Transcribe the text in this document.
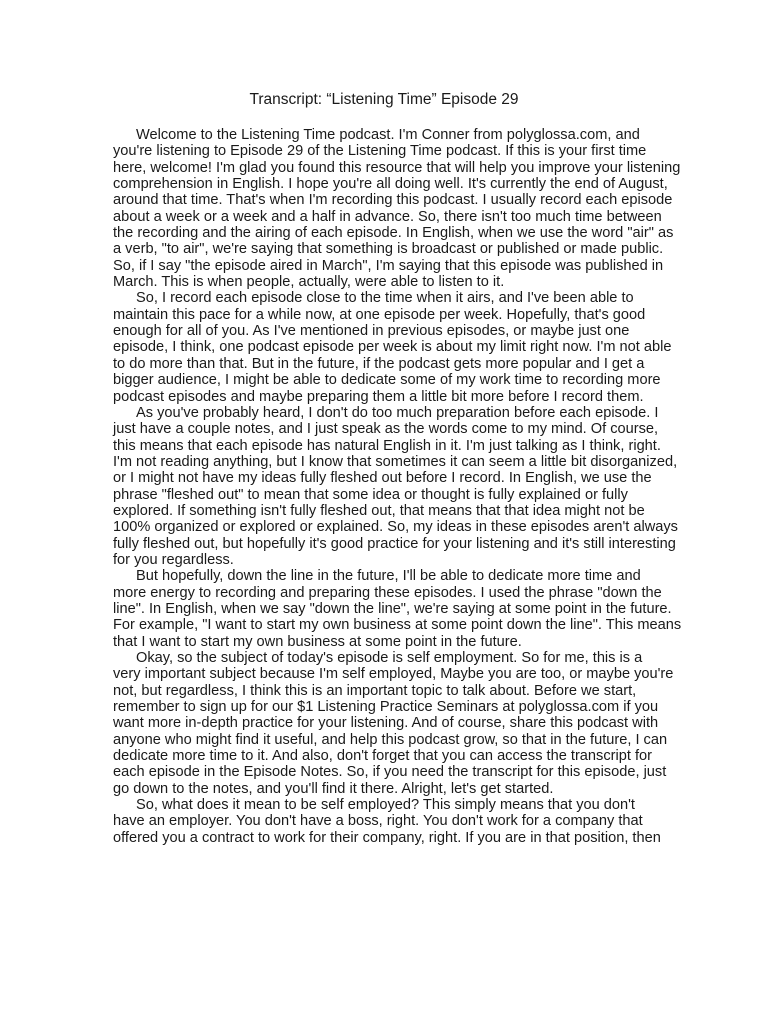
Transcript: “Listening Time” Episode 29
Welcome to the Listening Time podcast. I'm Conner from polyglossa.com, and
you're listening to Episode 29 of the Listening Time podcast. If this is your first time
here, welcome! I'm glad you found this resource that will help you improve your listening
comprehension in English. I hope you're all doing well. It's currently the end of August,
around that time. That's when I'm recording this podcast. I usually record each episode
about a week or a week and a half in advance. So, there isn't too much time between
the recording and the airing of each episode. In English, when we use the word "air" as
a verb, "to air", we're saying that something is broadcast or published or made public.
So, if I say "the episode aired in March", I'm saying that this episode was published in
March. This is when people, actually, were able to listen to it.
So, I record each episode close to the time when it airs, and I've been able to
maintain this pace for a while now, at one episode per week. Hopefully, that's good
enough for all of you. As I've mentioned in previous episodes, or maybe just one
episode, I think, one podcast episode per week is about my limit right now. I'm not able
to do more than that. But in the future, if the podcast gets more popular and I get a
bigger audience, I might be able to dedicate some of my work time to recording more
podcast episodes and maybe preparing them a little bit more before I record them.
As you've probably heard, I don't do too much preparation before each episode. I
just have a couple notes, and I just speak as the words come to my mind. Of course,
this means that each episode has natural English in it. I'm just talking as I think, right.
I'm not reading anything, but I know that sometimes it can seem a little bit disorganized,
or I might not have my ideas fully fleshed out before I record. In English, we use the
phrase "fleshed out" to mean that some idea or thought is fully explained or fully
explored. If something isn't fully fleshed out, that means that that idea might not be
100% organized or explored or explained. So, my ideas in these episodes aren't always
fully fleshed out, but hopefully it's good practice for your listening and it's still interesting
for you regardless.
But hopefully, down the line in the future, I'll be able to dedicate more time and
more energy to recording and preparing these episodes. I used the phrase "down the
line". In English, when we say "down the line", we're saying at some point in the future.
For example, "I want to start my own business at some point down the line". This means
that I want to start my own business at some point in the future.
Okay, so the subject of today's episode is self employment. So for me, this is a
very important subject because I'm self employed, Maybe you are too, or maybe you're
not, but regardless, I think this is an important topic to talk about. Before we start,
remember to sign up for our $1 Listening Practice Seminars at polyglossa.com if you
want more in-depth practice for your listening. And of course, share this podcast with
anyone who might find it useful, and help this podcast grow, so that in the future, I can
dedicate more time to it. And also, don't forget that you can access the transcript for
each episode in the Episode Notes. So, if you need the transcript for this episode, just
go down to the notes, and you'll find it there. Alright, let's get started.
So, what does it mean to be self employed? This simply means that you don't
have an employer. You don't have a boss, right. You don't work for a company that
offered you a contract to work for their company, right. If you are in that position, then
